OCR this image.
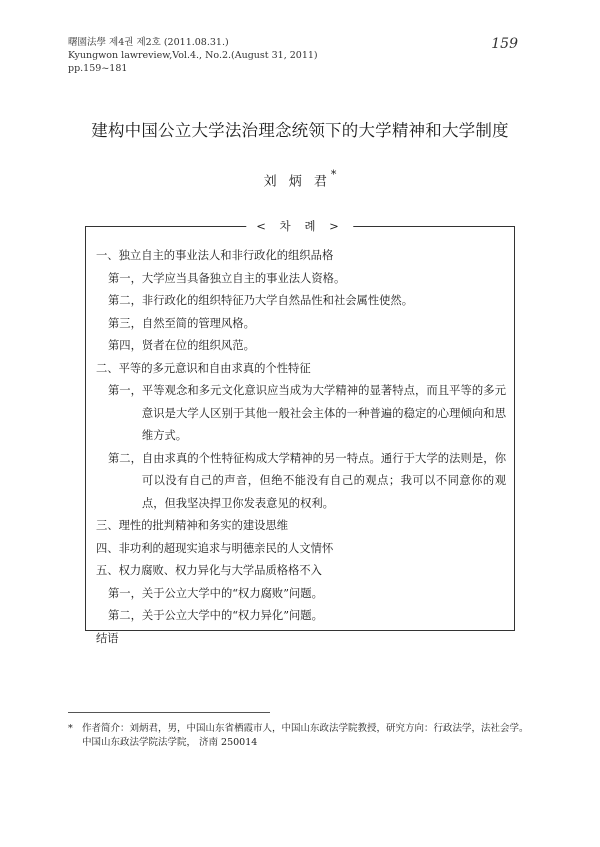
曙園法學 제4권 제2호 (2011.08.31.)
Kyungwon lawreview,Vol.4., No.2.(August 31, 2011)
pp.159~181
159
建构中国公立大学法治理念统领下的大学精神和大学制度
刘 炳 君*
< 차 례 >
一、独立自主的事业法人和非行政化的组织品格
第一，大学应当具备独立自主的事业法人资格。
第二，非行政化的组织特征乃大学自然品性和社会属性使然。
第三，自然至简的管理风格。
第四，贤者在位的组织风范。
二、平等的多元意识和自由求真的个性特征
第一， 平等观念和多元文化意识应当成为大学精神的显著特点，而且平等的多元意识是大学人区别于其他一般社会主体的一种普遍的稳定的心理倾向和思维方式。
第二， 自由求真的个性特征构成大学精神的另一特点。通行于大学的法则是，你可以没有自己的声音，但绝不能没有自己的观点；我可以不同意你的观点，但我坚决捍卫你发表意见的权利。
三、理性的批判精神和务实的建设思维
四、非功利的超现实追求与明德亲民的人文情怀
五、权力腐败、权力异化与大学品质格格不入
第一，关于公立大学中的“权力腐败”问题。
第二，关于公立大学中的“权力异化”问题。
结语
* 作者简介：刘炳君，男，中国山东省栖霞市人，中国山东政法学院教授，研究方向：行政法学，法社会学。
中国山东政法学院法学院， 济南 250014
